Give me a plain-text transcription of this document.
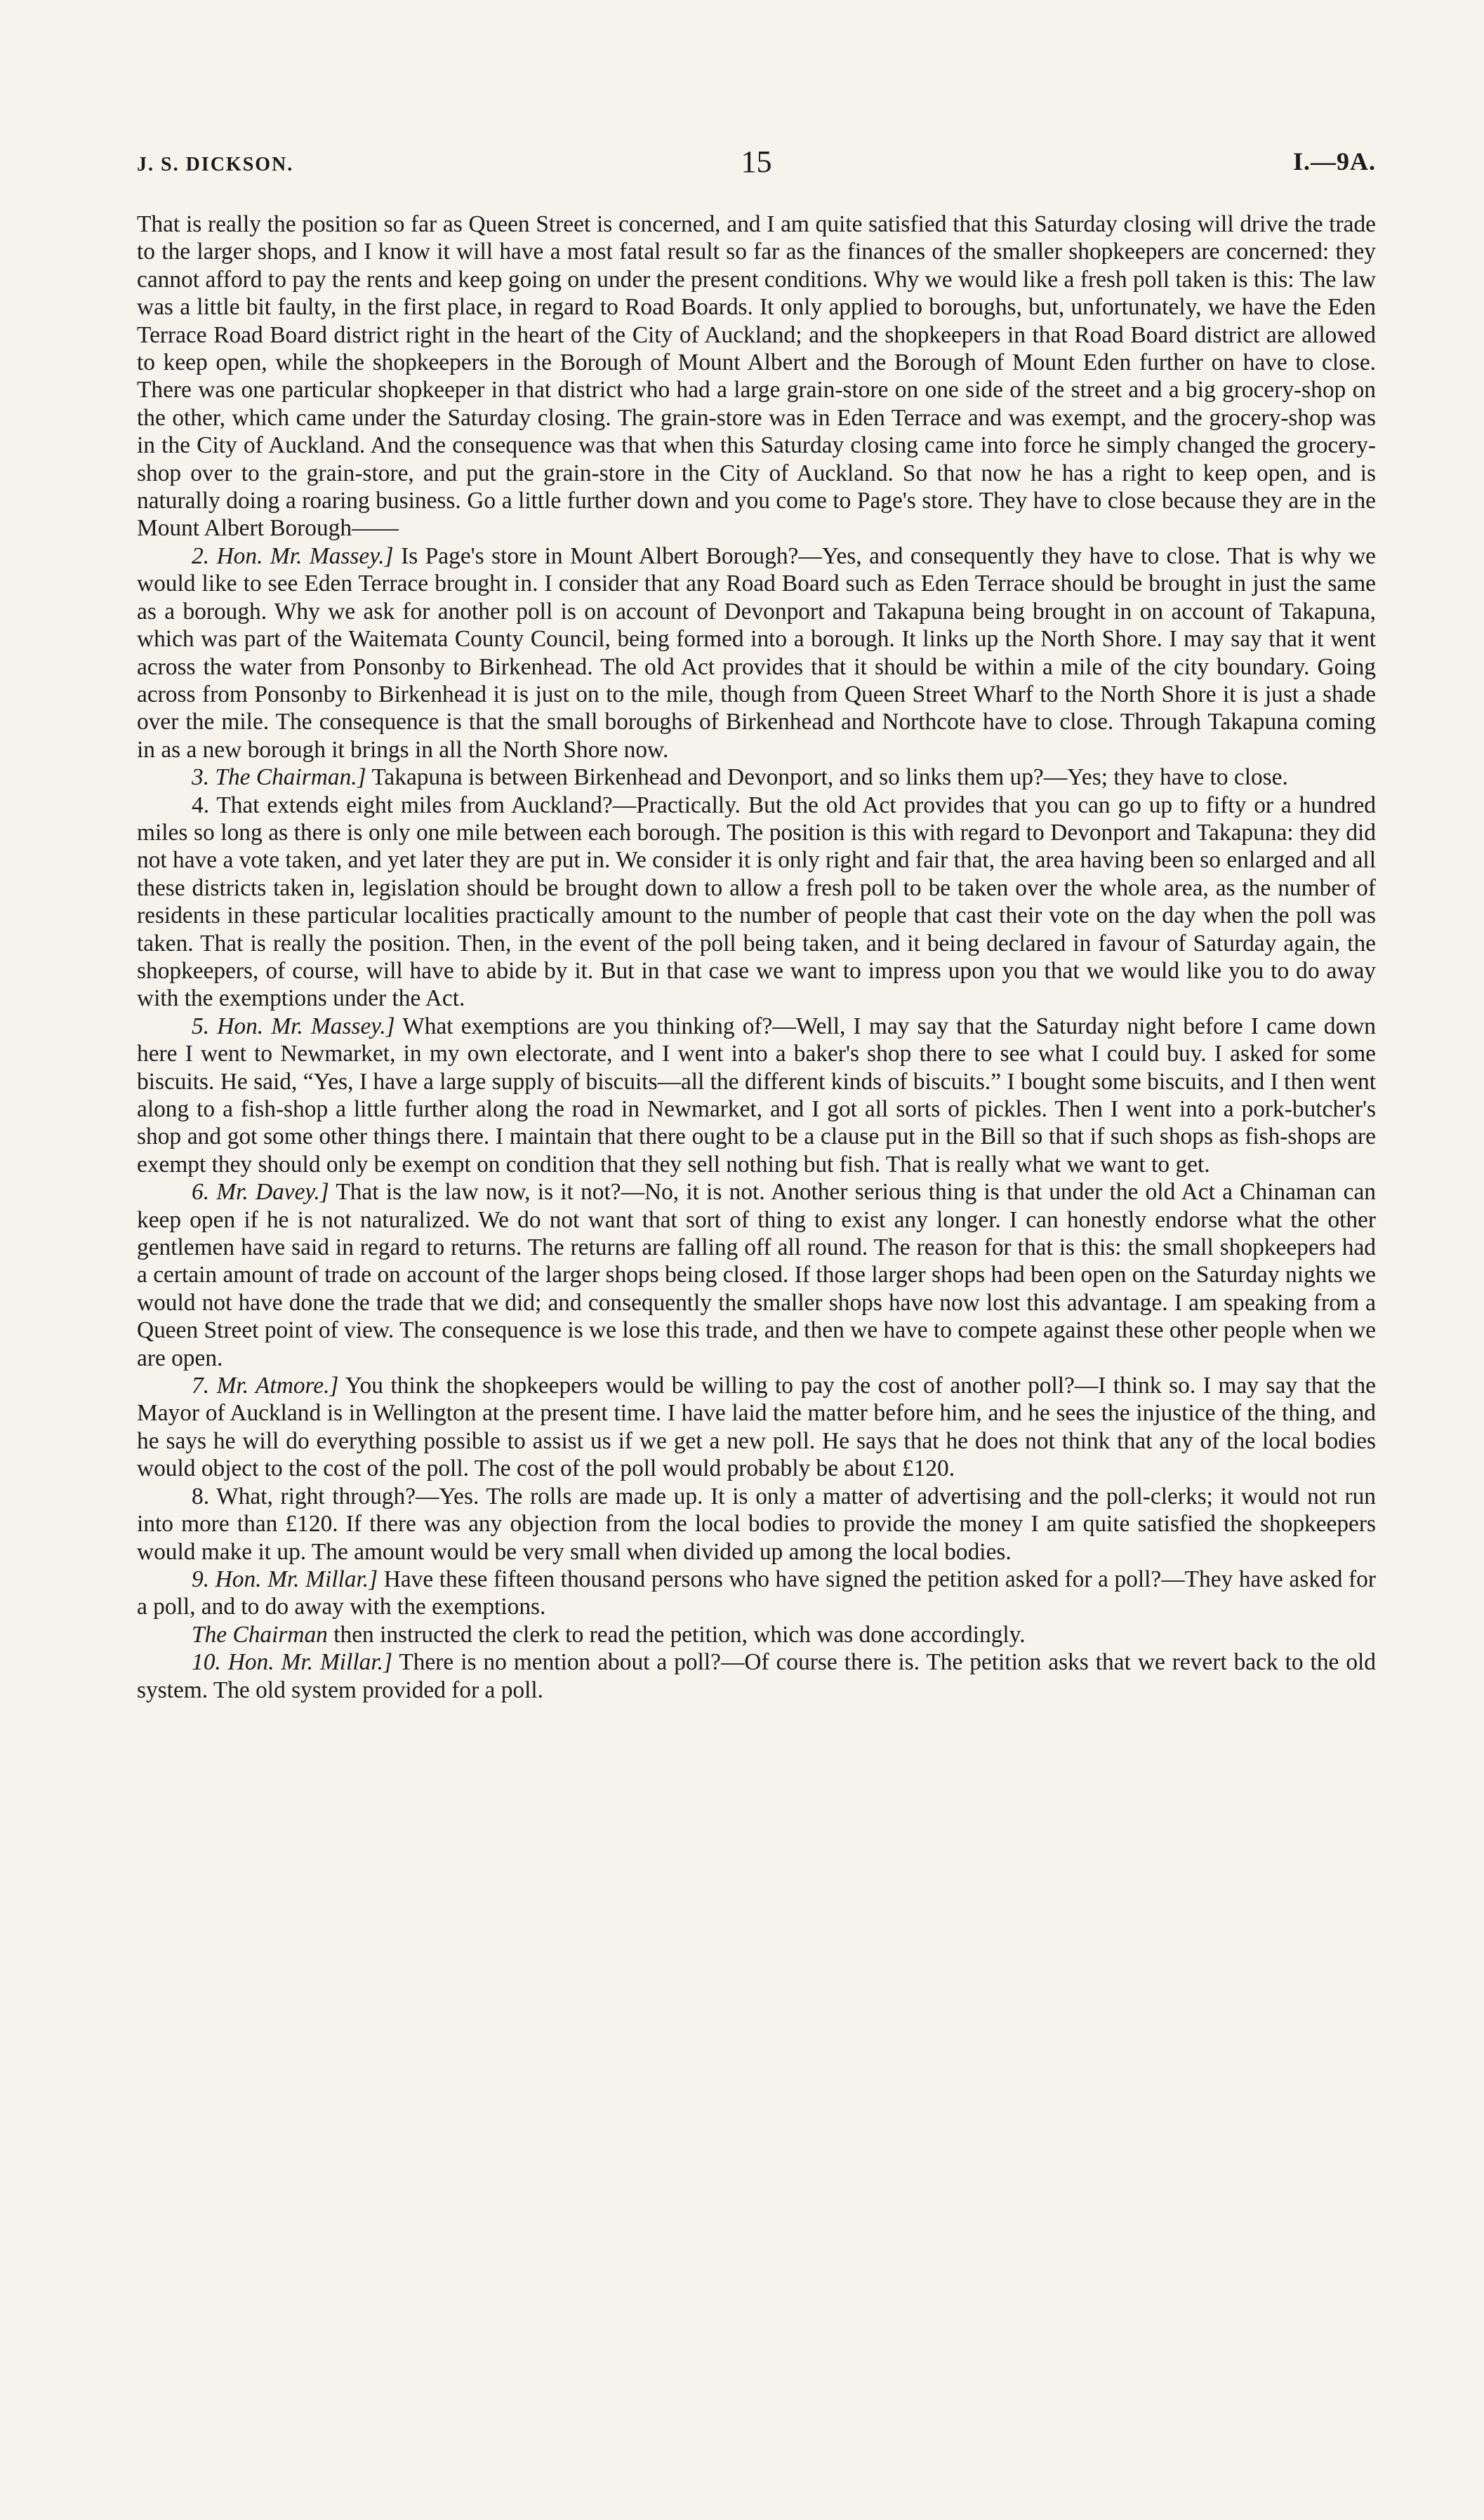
J. S. DICKSON.	15	I.—9A.

That is really the position so far as Queen Street is concerned, and I am quite satisfied that this Saturday closing will drive the trade to the larger shops, and I know it will have a most fatal result so far as the finances of the smaller shopkeepers are concerned: they cannot afford to pay the rents and keep going on under the present conditions. Why we would like a fresh poll taken is this: The law was a little bit faulty, in the first place, in regard to Road Boards. It only applied to boroughs, but, unfortunately, we have the Eden Terrace Road Board district right in the heart of the City of Auckland; and the shopkeepers in that Road Board district are allowed to keep open, while the shopkeepers in the Borough of Mount Albert and the Borough of Mount Eden further on have to close. There was one particular shopkeeper in that district who had a large grain-store on one side of the street and a big grocery-shop on the other, which came under the Saturday closing. The grain-store was in Eden Terrace and was exempt, and the grocery-shop was in the City of Auckland. And the consequence was that when this Saturday closing came into force he simply changed the grocery-shop over to the grain-store, and put the grain-store in the City of Auckland. So that now he has a right to keep open, and is naturally doing a roaring business. Go a little further down and you come to Page's store. They have to close because they are in the Mount Albert Borough——

2. Hon. Mr. Massey.] Is Page's store in Mount Albert Borough?—Yes, and consequently they have to close. That is why we would like to see Eden Terrace brought in. I consider that any Road Board such as Eden Terrace should be brought in just the same as a borough. Why we ask for another poll is on account of Devonport and Takapuna being brought in on account of Takapuna, which was part of the Waitemata County Council, being formed into a borough. It links up the North Shore. I may say that it went across the water from Ponsonby to Birkenhead. The old Act provides that it should be within a mile of the city boundary. Going across from Ponsonby to Birkenhead it is just on to the mile, though from Queen Street Wharf to the North Shore it is just a shade over the mile. The consequence is that the small boroughs of Birkenhead and Northcote have to close. Through Takapuna coming in as a new borough it brings in all the North Shore now.

3. The Chairman.] Takapuna is between Birkenhead and Devonport, and so links them up?—Yes; they have to close.

4. That extends eight miles from Auckland?—Practically. But the old Act provides that you can go up to fifty or a hundred miles so long as there is only one mile between each borough. The position is this with regard to Devonport and Takapuna: they did not have a vote taken, and yet later they are put in. We consider it is only right and fair that, the area having been so enlarged and all these districts taken in, legislation should be brought down to allow a fresh poll to be taken over the whole area, as the number of residents in these particular localities practically amount to the number of people that cast their vote on the day when the poll was taken. That is really the position. Then, in the event of the poll being taken, and it being declared in favour of Saturday again, the shopkeepers, of course, will have to abide by it. But in that case we want to impress upon you that we would like you to do away with the exemptions under the Act.

5. Hon. Mr. Massey.] What exemptions are you thinking of?—Well, I may say that the Saturday night before I came down here I went to Newmarket, in my own electorate, and I went into a baker's shop there to see what I could buy. I asked for some biscuits. He said, “Yes, I have a large supply of biscuits—all the different kinds of biscuits.” I bought some biscuits, and I then went along to a fish-shop a little further along the road in Newmarket, and I got all sorts of pickles. Then I went into a pork-butcher's shop and got some other things there. I maintain that there ought to be a clause put in the Bill so that if such shops as fish-shops are exempt they should only be exempt on condition that they sell nothing but fish. That is really what we want to get.

6. Mr. Davey.] That is the law now, is it not?—No, it is not. Another serious thing is that under the old Act a Chinaman can keep open if he is not naturalized. We do not want that sort of thing to exist any longer. I can honestly endorse what the other gentlemen have said in regard to returns. The returns are falling off all round. The reason for that is this: the small shopkeepers had a certain amount of trade on account of the larger shops being closed. If those larger shops had been open on the Saturday nights we would not have done the trade that we did; and consequently the smaller shops have now lost this advantage. I am speaking from a Queen Street point of view. The consequence is we lose this trade, and then we have to compete against these other people when we are open.

7. Mr. Atmore.] You think the shopkeepers would be willing to pay the cost of another poll?—I think so. I may say that the Mayor of Auckland is in Wellington at the present time. I have laid the matter before him, and he sees the injustice of the thing, and he says he will do everything possible to assist us if we get a new poll. He says that he does not think that any of the local bodies would object to the cost of the poll. The cost of the poll would probably be about £120.

8. What, right through?—Yes. The rolls are made up. It is only a matter of advertising and the poll-clerks; it would not run into more than £120. If there was any objection from the local bodies to provide the money I am quite satisfied the shopkeepers would make it up. The amount would be very small when divided up among the local bodies.

9. Hon. Mr. Millar.] Have these fifteen thousand persons who have signed the petition asked for a poll?—They have asked for a poll, and to do away with the exemptions.

The Chairman then instructed the clerk to read the petition, which was done accordingly.

10. Hon. Mr. Millar.] There is no mention about a poll?—Of course there is. The petition asks that we revert back to the old system. The old system provided for a poll.
